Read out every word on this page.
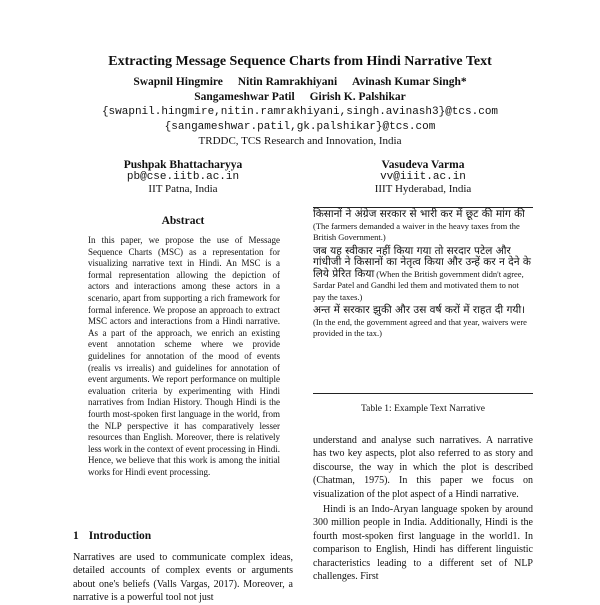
Extracting Message Sequence Charts from Hindi Narrative Text
Swapnil Hingmire Nitin Ramrakhiyani Avinash Kumar Singh*
Sangameshwar Patil Girish K. Palshikar
{swapnil.hingmire,nitin.ramrakhiyani,singh.avinash3}@tcs.com
{sangameshwar.patil,gk.palshikar}@tcs.com
TRDDC, TCS Research and Innovation, India
Pushpak Bhattacharyya
pb@cse.iitb.ac.in
IIT Patna, India
Vasudeva Varma
vv@iiit.ac.in
IIIT Hyderabad, India
Abstract
In this paper, we propose the use of Message Sequence Charts (MSC) as a representation for visualizing narrative text in Hindi. An MSC is a formal representation allowing the depiction of actors and interactions among these actors in a scenario, apart from supporting a rich framework for formal inference. We propose an approach to extract MSC actors and interactions from a Hindi narrative. As a part of the approach, we enrich an existing event annotation scheme where we provide guidelines for annotation of the mood of events (realis vs irrealis) and guidelines for annotation of event arguments. We report performance on multiple evaluation criteria by experimenting with Hindi narratives from Indian History. Though Hindi is the fourth most-spoken first language in the world, from the NLP perspective it has comparatively lesser resources than English. Moreover, there is relatively less work in the context of event processing in Hindi. Hence, we believe that this work is among the initial works for Hindi event processing.
1 Introduction
Narratives are used to communicate complex ideas, detailed accounts of complex events or arguments about one's beliefs (Valls Vargas, 2017). Moreover, a narrative is a powerful tool not just

किसानों ने अंग्रेज सरकार से भारी कर में छूट की मांग की (The farmers demanded a waiver in the heavy taxes from the British Government.)

जब यह स्वीकार नहीं किया गया तो सरदार पटेल और गांधीजी ने किसानों का नेतृत्व किया और उन्हें कर न देने के लिये प्रेरित किया (When the British government didn't agree, Sardar Patel and Gandhi led them and motivated them to not pay the taxes.)

अन्त में सरकार झुकी और उस वर्ष करों में राहत दी गयी। (In the end, the government agreed and that year, waivers were provided in the tax.)

Table 1: Example Text Narrative

understand and analyse such narratives. A narrative has two key aspects, plot also referred to as story and discourse, the way in which the plot is described (Chatman, 1975). In this paper we focus on visualization of the plot aspect of a Hindi narrative.

Hindi is an Indo-Aryan language spoken by around 300 million people in India. Additionally, Hindi is the fourth most-spoken first language in the world1. In comparison to English, Hindi has different linguistic characteristics leading to a different set of NLP challenges. First
